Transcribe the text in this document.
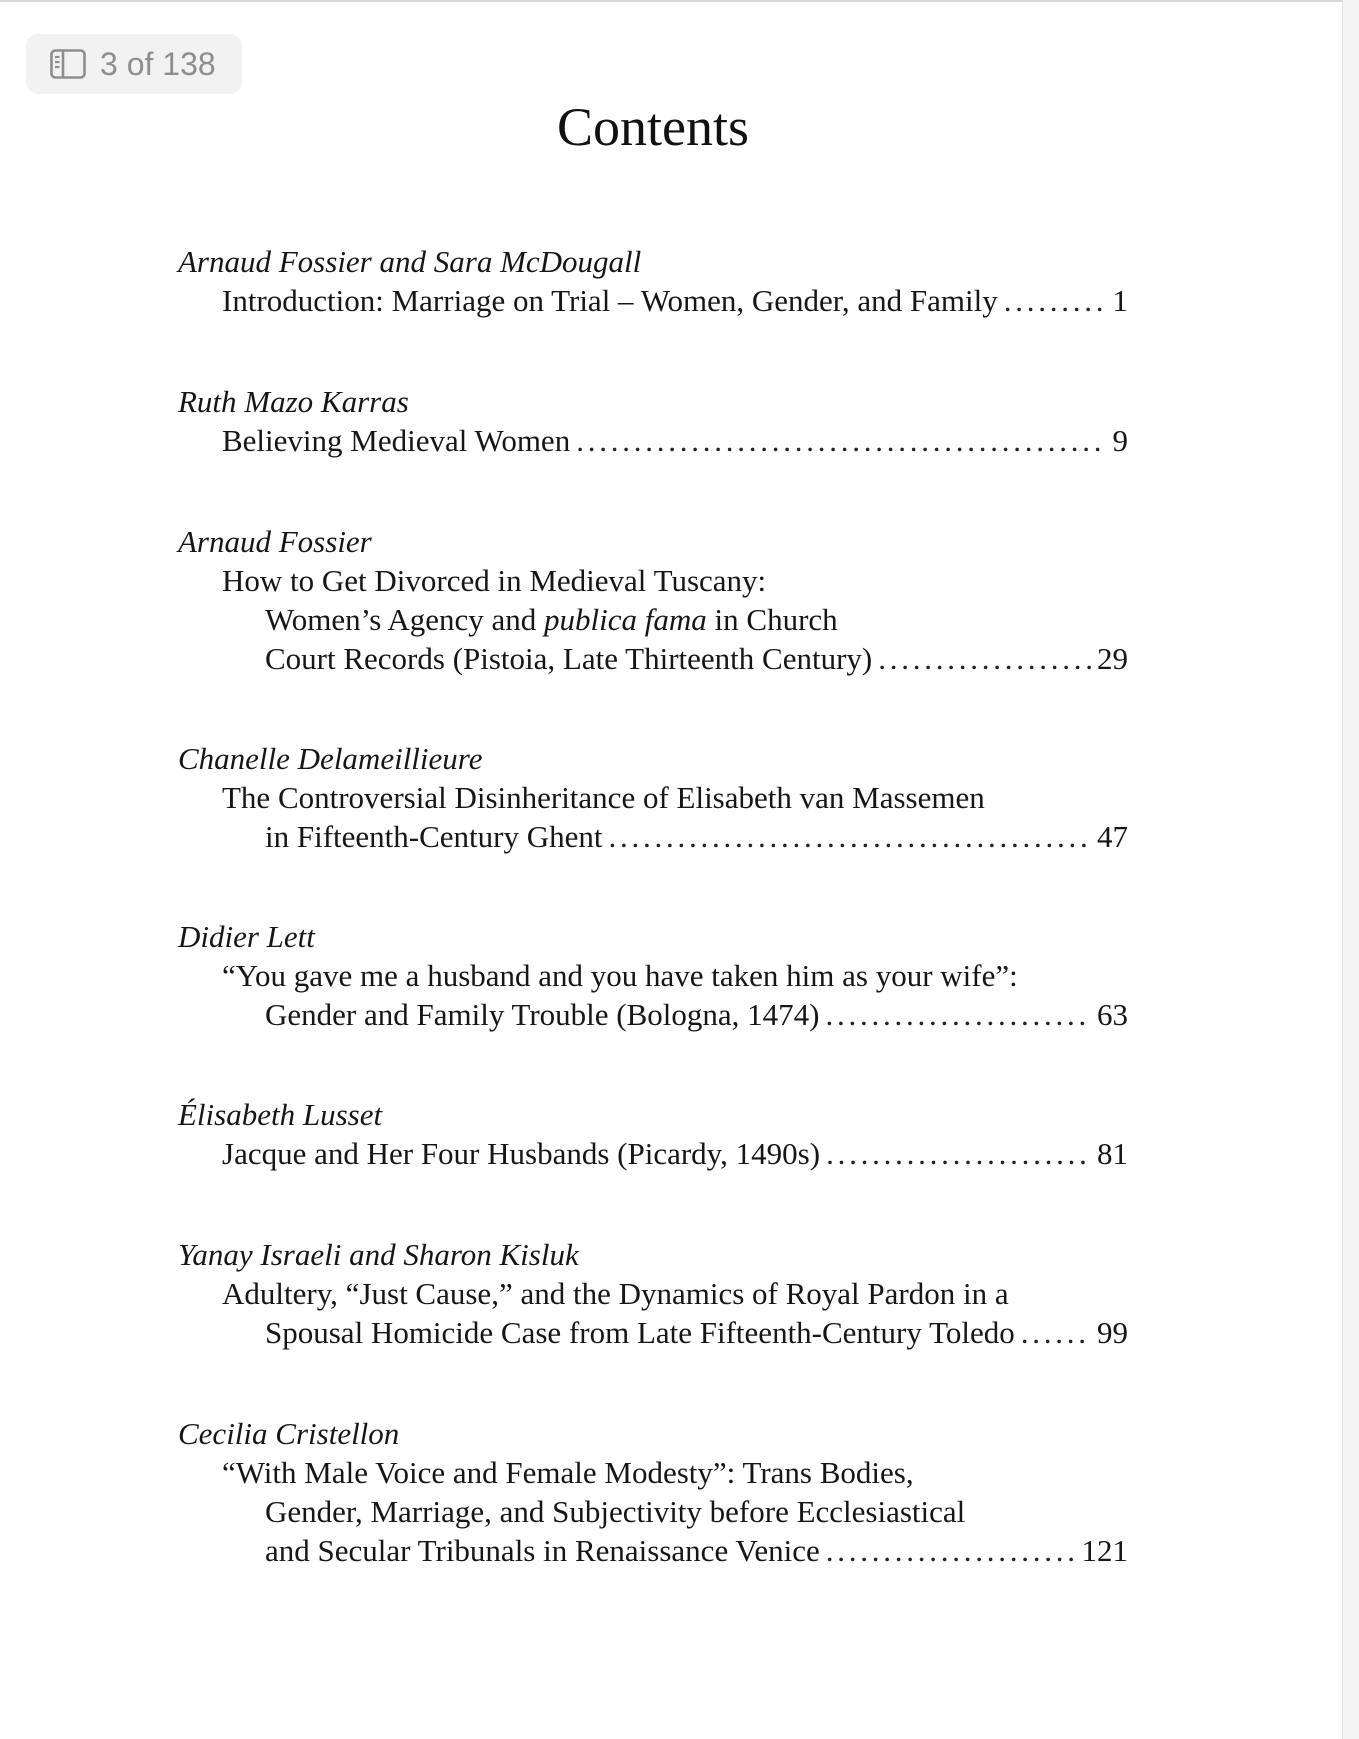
3 of 138
Contents
Arnaud Fossier and Sara McDougall
Introduction: Marriage on Trial – Women, Gender, and Family . . .	1
Ruth Mazo Karras
Believing Medieval Women . . .	9
Arnaud Fossier
How to Get Divorced in Medieval Tuscany:
Women’s Agency and publica fama in Church
Court Records (Pistoia, Late Thirteenth Century) . . .	29
Chanelle Delameillieure
The Controversial Disinheritance of Elisabeth van Massemen
in Fifteenth-Century Ghent . . .	47
Didier Lett
“You gave me a husband and you have taken him as your wife”:
Gender and Family Trouble (Bologna, 1474) . . .	63
Élisabeth Lusset
Jacque and Her Four Husbands (Picardy, 1490s) . . .	81
Yanay Israeli and Sharon Kisluk
Adultery, “Just Cause,” and the Dynamics of Royal Pardon in a
Spousal Homicide Case from Late Fifteenth-Century Toledo . . .	99
Cecilia Cristellon
“With Male Voice and Female Modesty”: Trans Bodies,
Gender, Marriage, and Subjectivity before Ecclesiastical
and Secular Tribunals in Renaissance Venice . . .	121
